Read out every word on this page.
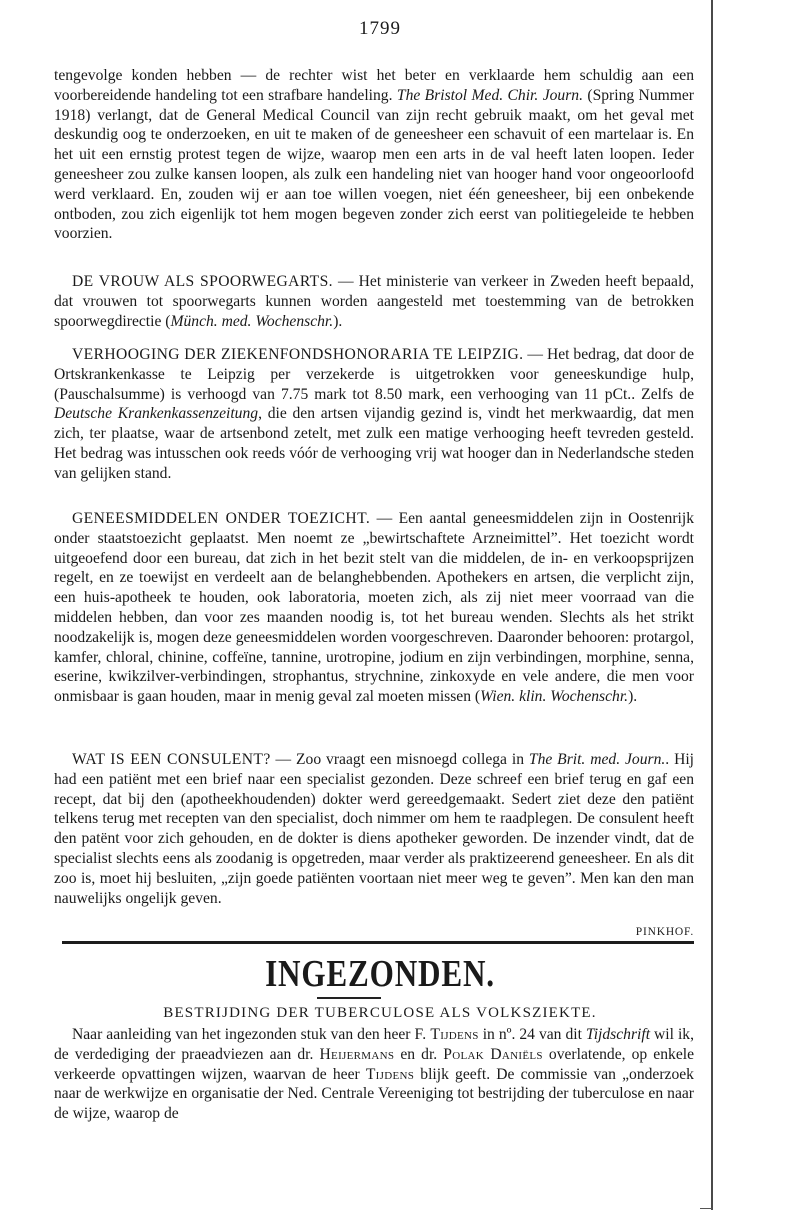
1799

tengevolge konden hebben — de rechter wist het beter en verklaarde hem schuldig aan een voorbereidende handeling tot een strafbare handeling. The Bristol Med. Chir. Journ. (Spring Nummer 1918) verlangt, dat de General Medical Council van zijn recht gebruik maakt, om het geval met deskundig oog te onderzoeken, en uit te maken of de geneesheer een schavuit of een martelaar is. En het uit een ernstig protest tegen de wijze, waarop men een arts in de val heeft laten loopen. Ieder geneesheer zou zulke kansen loopen, als zulk een handeling niet van hooger hand voor ongeoorloofd werd verklaard. En, zouden wij er aan toe willen voegen, niet één geneesheer, bij een onbekende ontboden, zou zich eigenlijk tot hem mogen begeven zonder zich eerst van politiegeleide te hebben voorzien.

DE VROUW ALS SPOORWEGARTS. — Het ministerie van verkeer in Zweden heeft bepaald, dat vrouwen tot spoorwegarts kunnen worden aangesteld met toestemming van de betrokken spoorwegdirectie (Münch. med. Wochenschr.).

VERHOOGING DER ZIEKENFONDSHONORARIA TE LEIPZIG. — Het bedrag, dat door de Ortskrankenkasse te Leipzig per verzekerde is uitgetrokken voor geneeskundige hulp, (Pauschalsumme) is verhoogd van 7.75 mark tot 8.50 mark, een verhooging van 11 pCt.. Zelfs de Deutsche Krankenkassenzeitung, die den artsen vijandig gezind is, vindt het merkwaardig, dat men zich, ter plaatse, waar de artsenbond zetelt, met zulk een matige verhooging heeft tevreden gesteld. Het bedrag was intusschen ook reeds vóór de verhooging vrij wat hooger dan in Nederlandsche steden van gelijken stand.

GENEESMIDDELEN ONDER TOEZICHT. — Een aantal geneesmiddelen zijn in Oostenrijk onder staatstoezicht geplaatst. Men noemt ze „bewirtschaftete Arzneimittel”. Het toezicht wordt uitgeoefend door een bureau, dat zich in het bezit stelt van die middelen, de in- en verkoopsprijzen regelt, en ze toewijst en verdeelt aan de belanghebbenden. Apothekers en artsen, die verplicht zijn, een huis-apotheek te houden, ook laboratoria, moeten zich, als zij niet meer voorraad van die middelen hebben, dan voor zes maanden noodig is, tot het bureau wenden. Slechts als het strikt noodzakelijk is, mogen deze geneesmiddelen worden voorgeschreven. Daaronder behooren: protargol, kamfer, chloral, chinine, coffeïne, tannine, urotropine, jodium en zijn verbindingen, morphine, senna, eserine, kwikzilver-verbindingen, strophantus, strychnine, zinkoxyde en vele andere, die men voor onmisbaar is gaan houden, maar in menig geval zal moeten missen (Wien. klin. Wochenschr.).

WAT IS EEN CONSULENT? — Zoo vraagt een misnoegd collega in The Brit. med. Journ.. Hij had een patiënt met een brief naar een specialist gezonden. Deze schreef een brief terug en gaf een recept, dat bij den (apotheekhoudenden) dokter werd gereedgemaakt. Sedert ziet deze den patiënt telkens terug met recepten van den specialist, doch nimmer om hem te raadplegen. De consulent heeft den patënt voor zich gehouden, en de dokter is diens apotheker geworden. De inzender vindt, dat de specialist slechts eens als zoodanig is opgetreden, maar verder als praktizeerend geneesheer. En als dit zoo is, moet hij besluiten, „zijn goede patiënten voortaan niet meer weg te geven”. Men kan den man nauwelijks ongelijk geven.

PINKHOF.
INGEZONDEN.
BESTRIJDING DER TUBERCULOSE ALS VOLKSZIEKTE.

Naar aanleiding van het ingezonden stuk van den heer F. Tijdens in nº. 24 van dit Tijdschrift wil ik, de verdediging der praeadviezen aan dr. Heijermans en dr. Polak Daniëls overlatende, op enkele verkeerde opvattingen wijzen, waarvan de heer Tijdens blijk geeft. De commissie van „onderzoek naar de werkwijze en organisatie der Ned. Centrale Vereeniging tot bestrijding der tuberculose en naar de wijze, waarop de
